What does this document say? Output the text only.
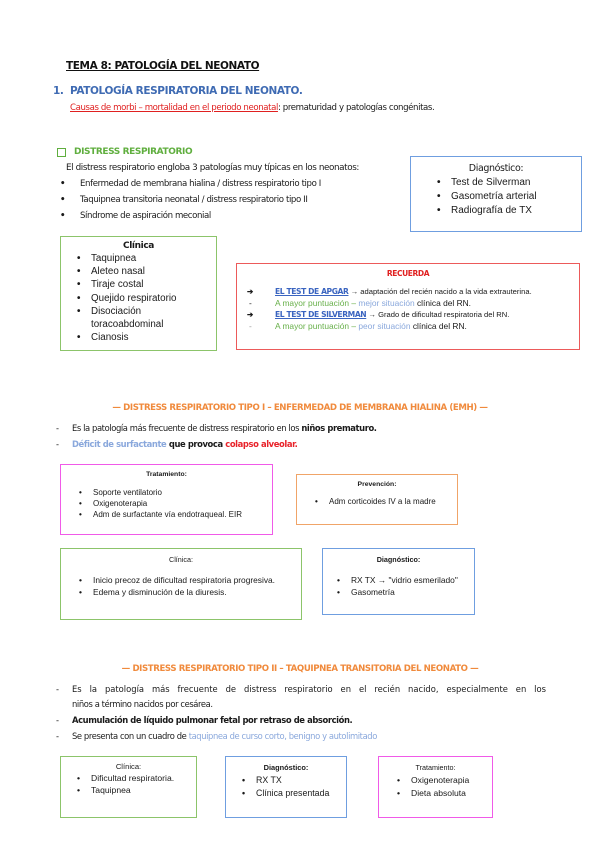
TEMA 8: PATOLOGÍA DEL NEONATO
1. PATOLOGÍA RESPIRATORIA DEL NEONATO.
Causas de morbi – mortalidad en el periodo neonatal: prematuridad y patologías congénitas.
DISTRESS RESPIRATORIO
El distress respiratorio engloba 3 patologías muy típicas en los neonatos:
•	Enfermedad de membrana hialina / distress respiratorio tipo I
•	Taquipnea transitoria neonatal / distress respiratorio tipo II
•	Síndrome de aspiración meconial
Diagnóstico:
• Test de Silverman
• Gasometría arterial
• Radiografía de TX
Clínica
• Taquipnea
• Aleteo nasal
• Tiraje costal
• Quejido respiratorio
• Disociación toracoabdominal
• Cianosis
RECUERDA
➔	EL TEST DE APGAR → adaptación del recién nacido a la vida extrauterina.
-	A mayor puntuación – mejor situación clínica del RN.
➔	EL TEST DE SILVERMAN → Grado de dificultad respiratoria del RN.
-	A mayor puntuación – peor situación clínica del RN.
— DISTRESS RESPIRATORIO TIPO I – ENFERMEDAD DE MEMBRANA HIALINA (EMH) —
-	Es la patología más frecuente de distress respiratorio en los niños prematuro.
-	Déficit de surfactante que provoca colapso alveolar.
Tratamiento:
• Soporte ventilatorio
• Oxigenoterapia
• Adm de surfactante vía endotraqueal. EIR
Prevención:
• Adm corticoides IV a la madre
Clínica:
• Inicio precoz de dificultad respiratoria progresiva.
• Edema y disminución de la diuresis.
Diagnóstico:
• RX TX → "vidrio esmerilado"
• Gasometría
— DISTRESS RESPIRATORIO TIPO II – TAQUIPNEA TRANSITORIA DEL NEONATO —
-	Es la patología más frecuente de distress respiratorio en el recién nacido, especialmente en los
niños a término nacidos por cesárea.
-	Acumulación de líquido pulmonar fetal por retraso de absorción.
-	Se presenta con un cuadro de taquipnea de curso corto, benigno y autolimitado
Clínica:
• Dificultad respiratoria.
• Taquipnea
Diagnóstico:
• RX TX
• Clínica presentada
Tratamiento:
• Oxigenoterapia
• Dieta absoluta
